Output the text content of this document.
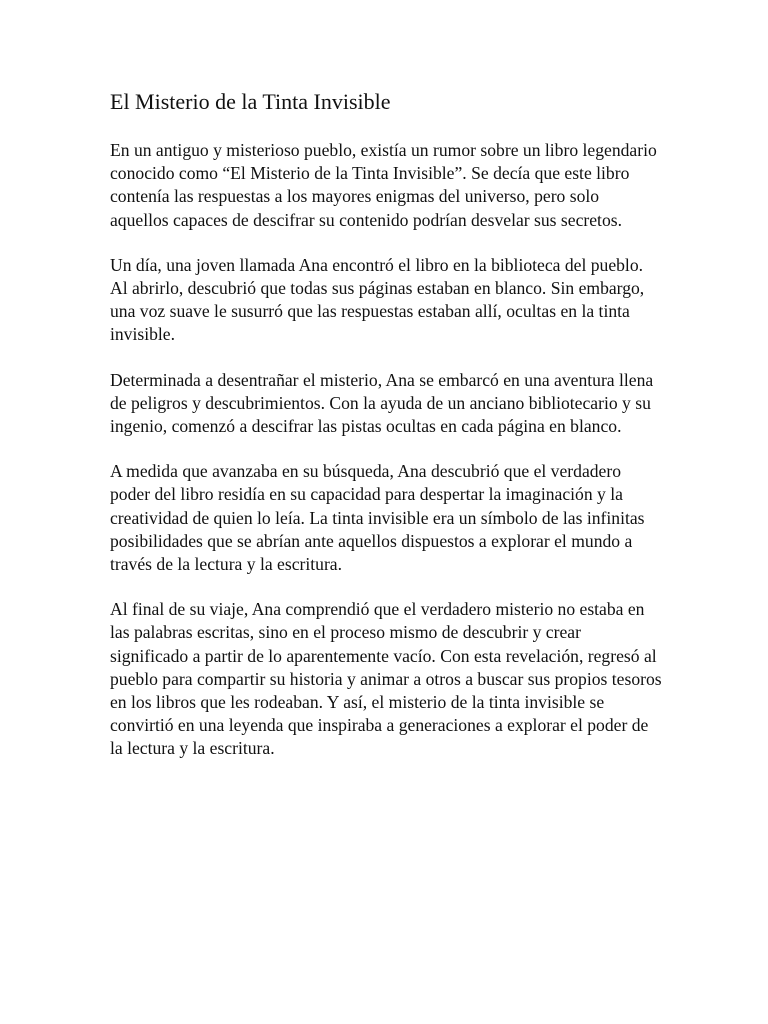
El Misterio de la Tinta Invisible

En un antiguo y misterioso pueblo, existía un rumor sobre un libro legendario conocido como “El Misterio de la Tinta Invisible”. Se decía que este libro contenía las respuestas a los mayores enigmas del universo, pero solo aquellos capaces de descifrar su contenido podrían desvelar sus secretos.

Un día, una joven llamada Ana encontró el libro en la biblioteca del pueblo. Al abrirlo, descubrió que todas sus páginas estaban en blanco. Sin embargo, una voz suave le susurró que las respuestas estaban allí, ocultas en la tinta invisible.

Determinada a desentrañar el misterio, Ana se embarcó en una aventura llena de peligros y descubrimientos. Con la ayuda de un anciano bibliotecario y su ingenio, comenzó a descifrar las pistas ocultas en cada página en blanco.

A medida que avanzaba en su búsqueda, Ana descubrió que el verdadero poder del libro residía en su capacidad para despertar la imaginación y la creatividad de quien lo leía. La tinta invisible era un símbolo de las infinitas posibilidades que se abrían ante aquellos dispuestos a explorar el mundo a través de la lectura y la escritura.

Al final de su viaje, Ana comprendió que el verdadero misterio no estaba en las palabras escritas, sino en el proceso mismo de descubrir y crear significado a partir de lo aparentemente vacío. Con esta revelación, regresó al pueblo para compartir su historia y animar a otros a buscar sus propios tesoros en los libros que les rodeaban. Y así, el misterio de la tinta invisible se convirtió en una leyenda que inspiraba a generaciones a explorar el poder de la lectura y la escritura.
